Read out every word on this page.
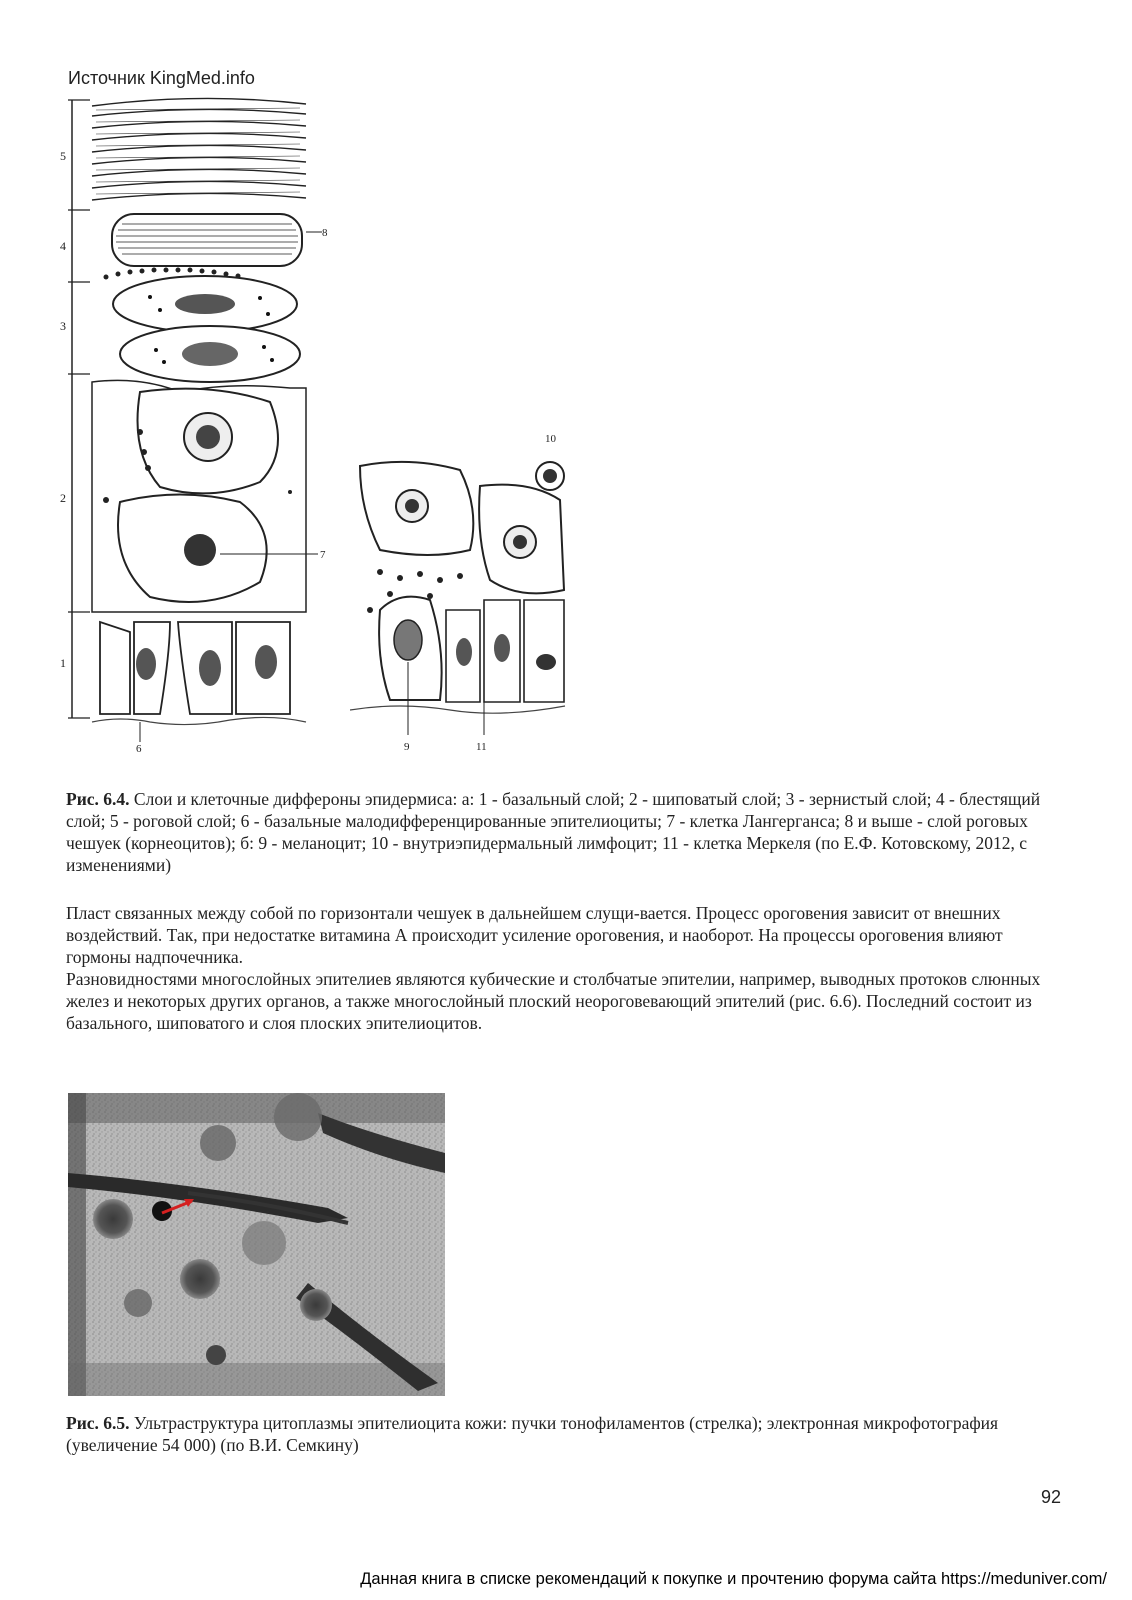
Источник KingMed.info
5
4
3
2
1
8
7
6
10
9	11
Рис. 6.4. Слои и клеточные диффероны эпидермиса: а: 1 - базальный слой; 2 - шиповатый слой; 3 - зернистый слой; 4 - блестящий слой; 5 - роговой слой; 6 - базальные малодифференцированные эпителиоциты; 7 - клетка Лангерганса; 8 и выше - слой роговых чешуек (корнеоцитов); б: 9 - меланоцит; 10 - внутриэпидермальный лимфоцит; 11 - клетка Меркеля (по Е.Ф. Котовскому, 2012, с изменениями)

Пласт связанных между собой по горизонтали чешуек в дальнейшем слущи-вается. Процесс ороговения зависит от внешних воздействий. Так, при недостатке витамина А происходит усиление ороговения, и наоборот. На процессы ороговения влияют гормоны надпочечника.

Разновидностями многослойных эпителиев являются кубические и столбчатые эпителии, например, выводных протоков слюнных желез и некоторых других органов, а также многослойный плоский неороговевающий эпителий (рис. 6.6). Последний состоит из базального, шиповатого и слоя плоских эпителиоцитов.

Рис. 6.5. Ультраструктура цитоплазмы эпителиоцита кожи: пучки тонофиламентов (стрелка); электронная микрофотография (увеличение 54 000) (по В.И. Семкину)
92
Данная книга в списке рекомендаций к покупке и прочтению форума сайта https://meduniver.com/
